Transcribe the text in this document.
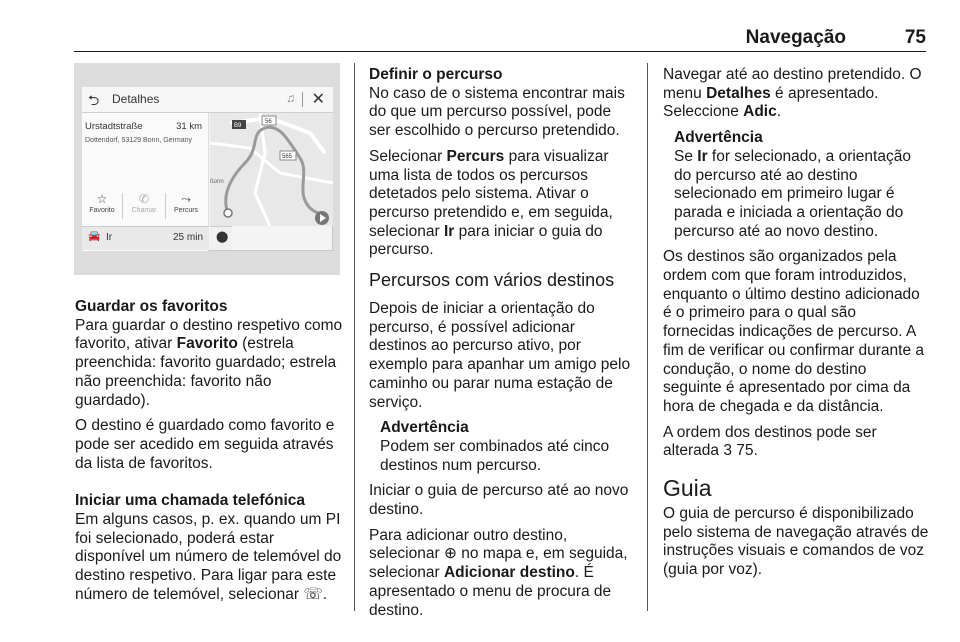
Navegação	75
⮌ Detalhes	♫ ✕
Urstadtstraße	31 km
Dottendorf, 53129 Bonn, Germany
☆
Favorito
✆
Chamar
⤳
Percurs
🚘 Ir	25 min ⬤
B9
56
565
ßonn
Guardar os favoritos

Para guardar o destino respetivo como favorito, ativar Favorito (estrela preenchida: favorito guardado; estrela não preenchida: favorito não guardado).

O destino é guardado como favorito e pode ser acedido em seguida através da lista de favoritos.

Iniciar uma chamada telefónica

Em alguns casos, p. ex. quando um PI foi selecionado, poderá estar disponível um número de telemóvel do destino respetivo. Para ligar para este número de telemóvel, selecionar ☏.

Definir o percurso

No caso de o sistema encontrar mais do que um percurso possível, pode ser escolhido o percurso pretendido.

Selecionar Percurs para visualizar uma lista de todos os percursos detetados pelo sistema. Ativar o percurso pretendido e, em seguida, selecionar Ir para iniciar o guia do percurso.

Percursos com vários destinos

Depois de iniciar a orientação do percurso, é possível adicionar destinos ao percurso ativo, por exemplo para apanhar um amigo pelo caminho ou parar numa estação de serviço.

Advertência
Podem ser combinados até cinco destinos num percurso.

Iniciar o guia de percurso até ao novo destino.

Para adicionar outro destino, selecionar ⊕ no mapa e, em seguida, selecionar Adicionar destino. É apresentado o menu de procura de destino.

Navegar até ao destino pretendido. O menu Detalhes é apresentado. Seleccione Adic.

Advertência
Se Ir for selecionado, a orientação do percurso até ao destino selecionado em primeiro lugar é parada e iniciada a orientação do percurso até ao novo destino.

Os destinos são organizados pela ordem com que foram introduzidos, enquanto o último destino adicionado é o primeiro para o qual são fornecidas indicações de percurso. A fim de verificar ou confirmar durante a condução, o nome do destino seguinte é apresentado por cima da hora de chegada e da distância.

A ordem dos destinos pode ser alterada 3 75.

Guia

O guia de percurso é disponibilizado pelo sistema de navegação através de instruções visuais e comandos de voz (guia por voz).
